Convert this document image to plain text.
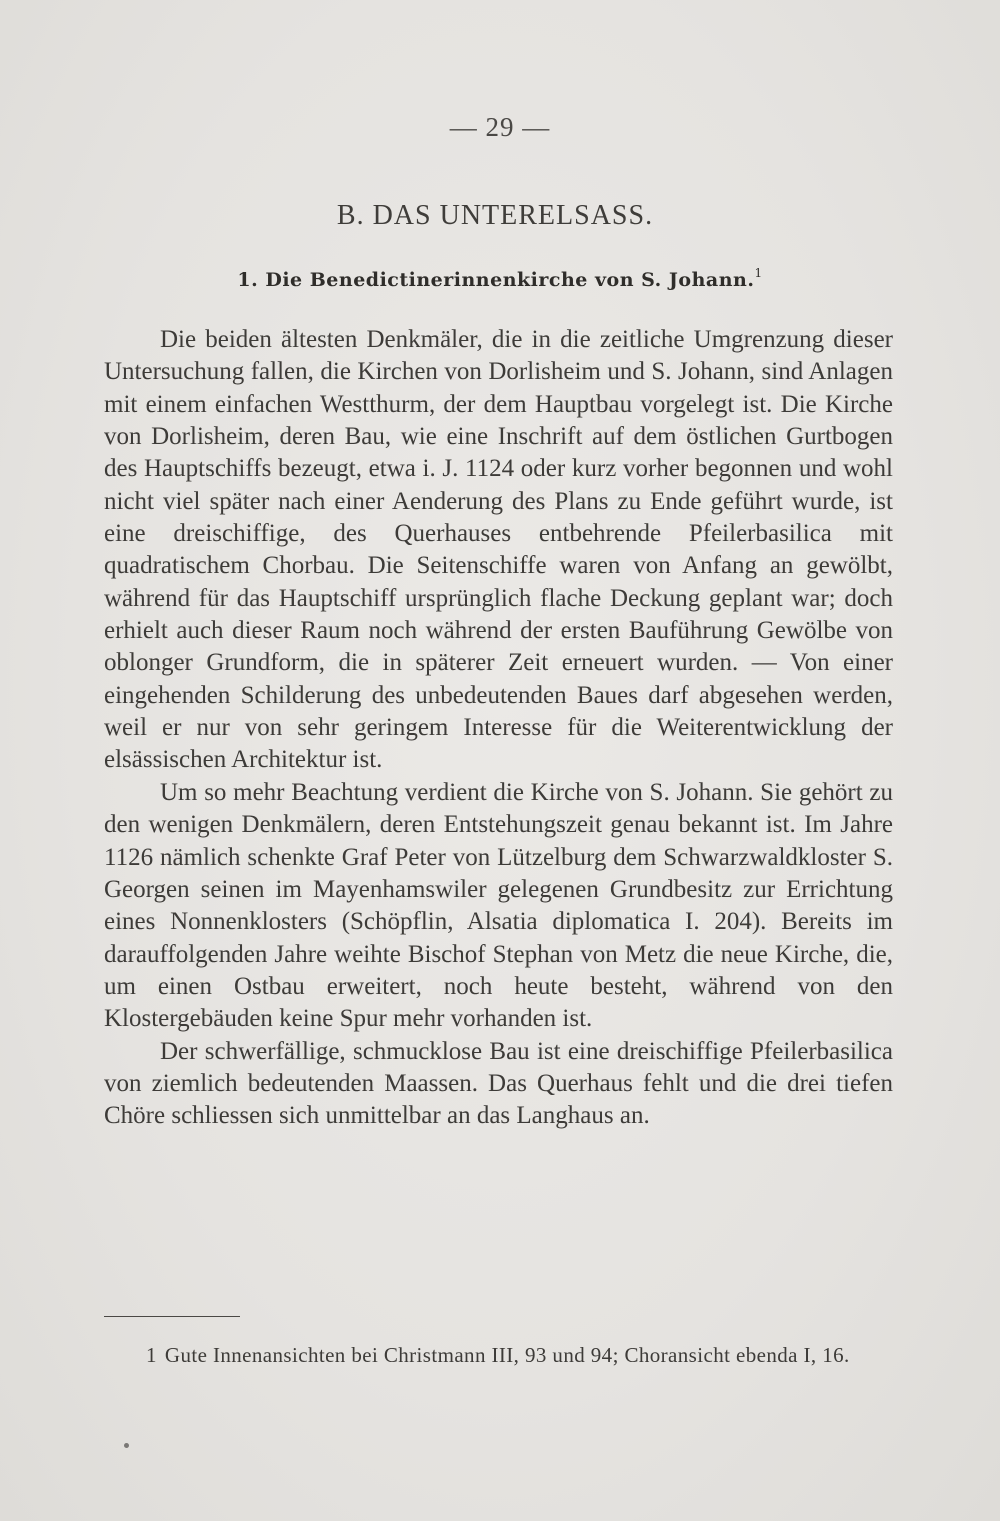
— 29 —
B. DAS UNTERELSASS.
1. Die Benedictinerinnenkirche von S. Johann.$^1$

Die beiden ältesten Denkmäler, die in die zeitliche Umgrenzung dieser Untersuchung fallen, die Kirchen von Dorlisheim und S. Johann, sind Anlagen mit einem einfachen Westthurm, der dem Hauptbau vorgelegt ist. Die Kirche von Dorlisheim, deren Bau, wie eine Inschrift auf dem östlichen Gurtbogen des Hauptschiffs bezeugt, etwa i. J. 1124 oder kurz vorher begonnen und wohl nicht viel später nach einer Aenderung des Plans zu Ende geführt wurde, ist eine dreischiffige, des Querhauses entbehrende Pfeilerbasilica mit quadratischem Chorbau. Die Seitenschiffe waren von Anfang an gewölbt, während für das Hauptschiff ursprünglich flache Deckung geplant war; doch erhielt auch dieser Raum noch während der ersten Bauführung Gewölbe von oblonger Grundform, die in späterer Zeit erneuert wurden. — Von einer eingehenden Schilderung des unbedeutenden Baues darf abgesehen werden, weil er nur von sehr geringem Interesse für die Weiterentwicklung der elsässischen Architektur ist.

Um so mehr Beachtung verdient die Kirche von S. Johann. Sie gehört zu den wenigen Denkmälern, deren Entstehungszeit genau bekannt ist. Im Jahre 1126 nämlich schenkte Graf Peter von Lützelburg dem Schwarzwaldkloster S. Georgen seinen im Mayenhamswiler gelegenen Grundbesitz zur Errichtung eines Nonnenklosters (Schöpflin, Alsatia diplomatica I. 204). Bereits im darauffolgenden Jahre weihte Bischof Stephan von Metz die neue Kirche, die, um einen Ostbau erweitert, noch heute besteht, während von den Klostergebäuden keine Spur mehr vorhanden ist.

Der schwerfällige, schmucklose Bau ist eine dreischiffige Pfeilerbasilica von ziemlich bedeutenden Maassen. Das Querhaus fehlt und die drei tiefen Chöre schliessen sich unmittelbar an das Langhaus an.

1 Gute Innenansichten bei Christmann III, 93 und 94; Choransicht ebenda I, 16.
